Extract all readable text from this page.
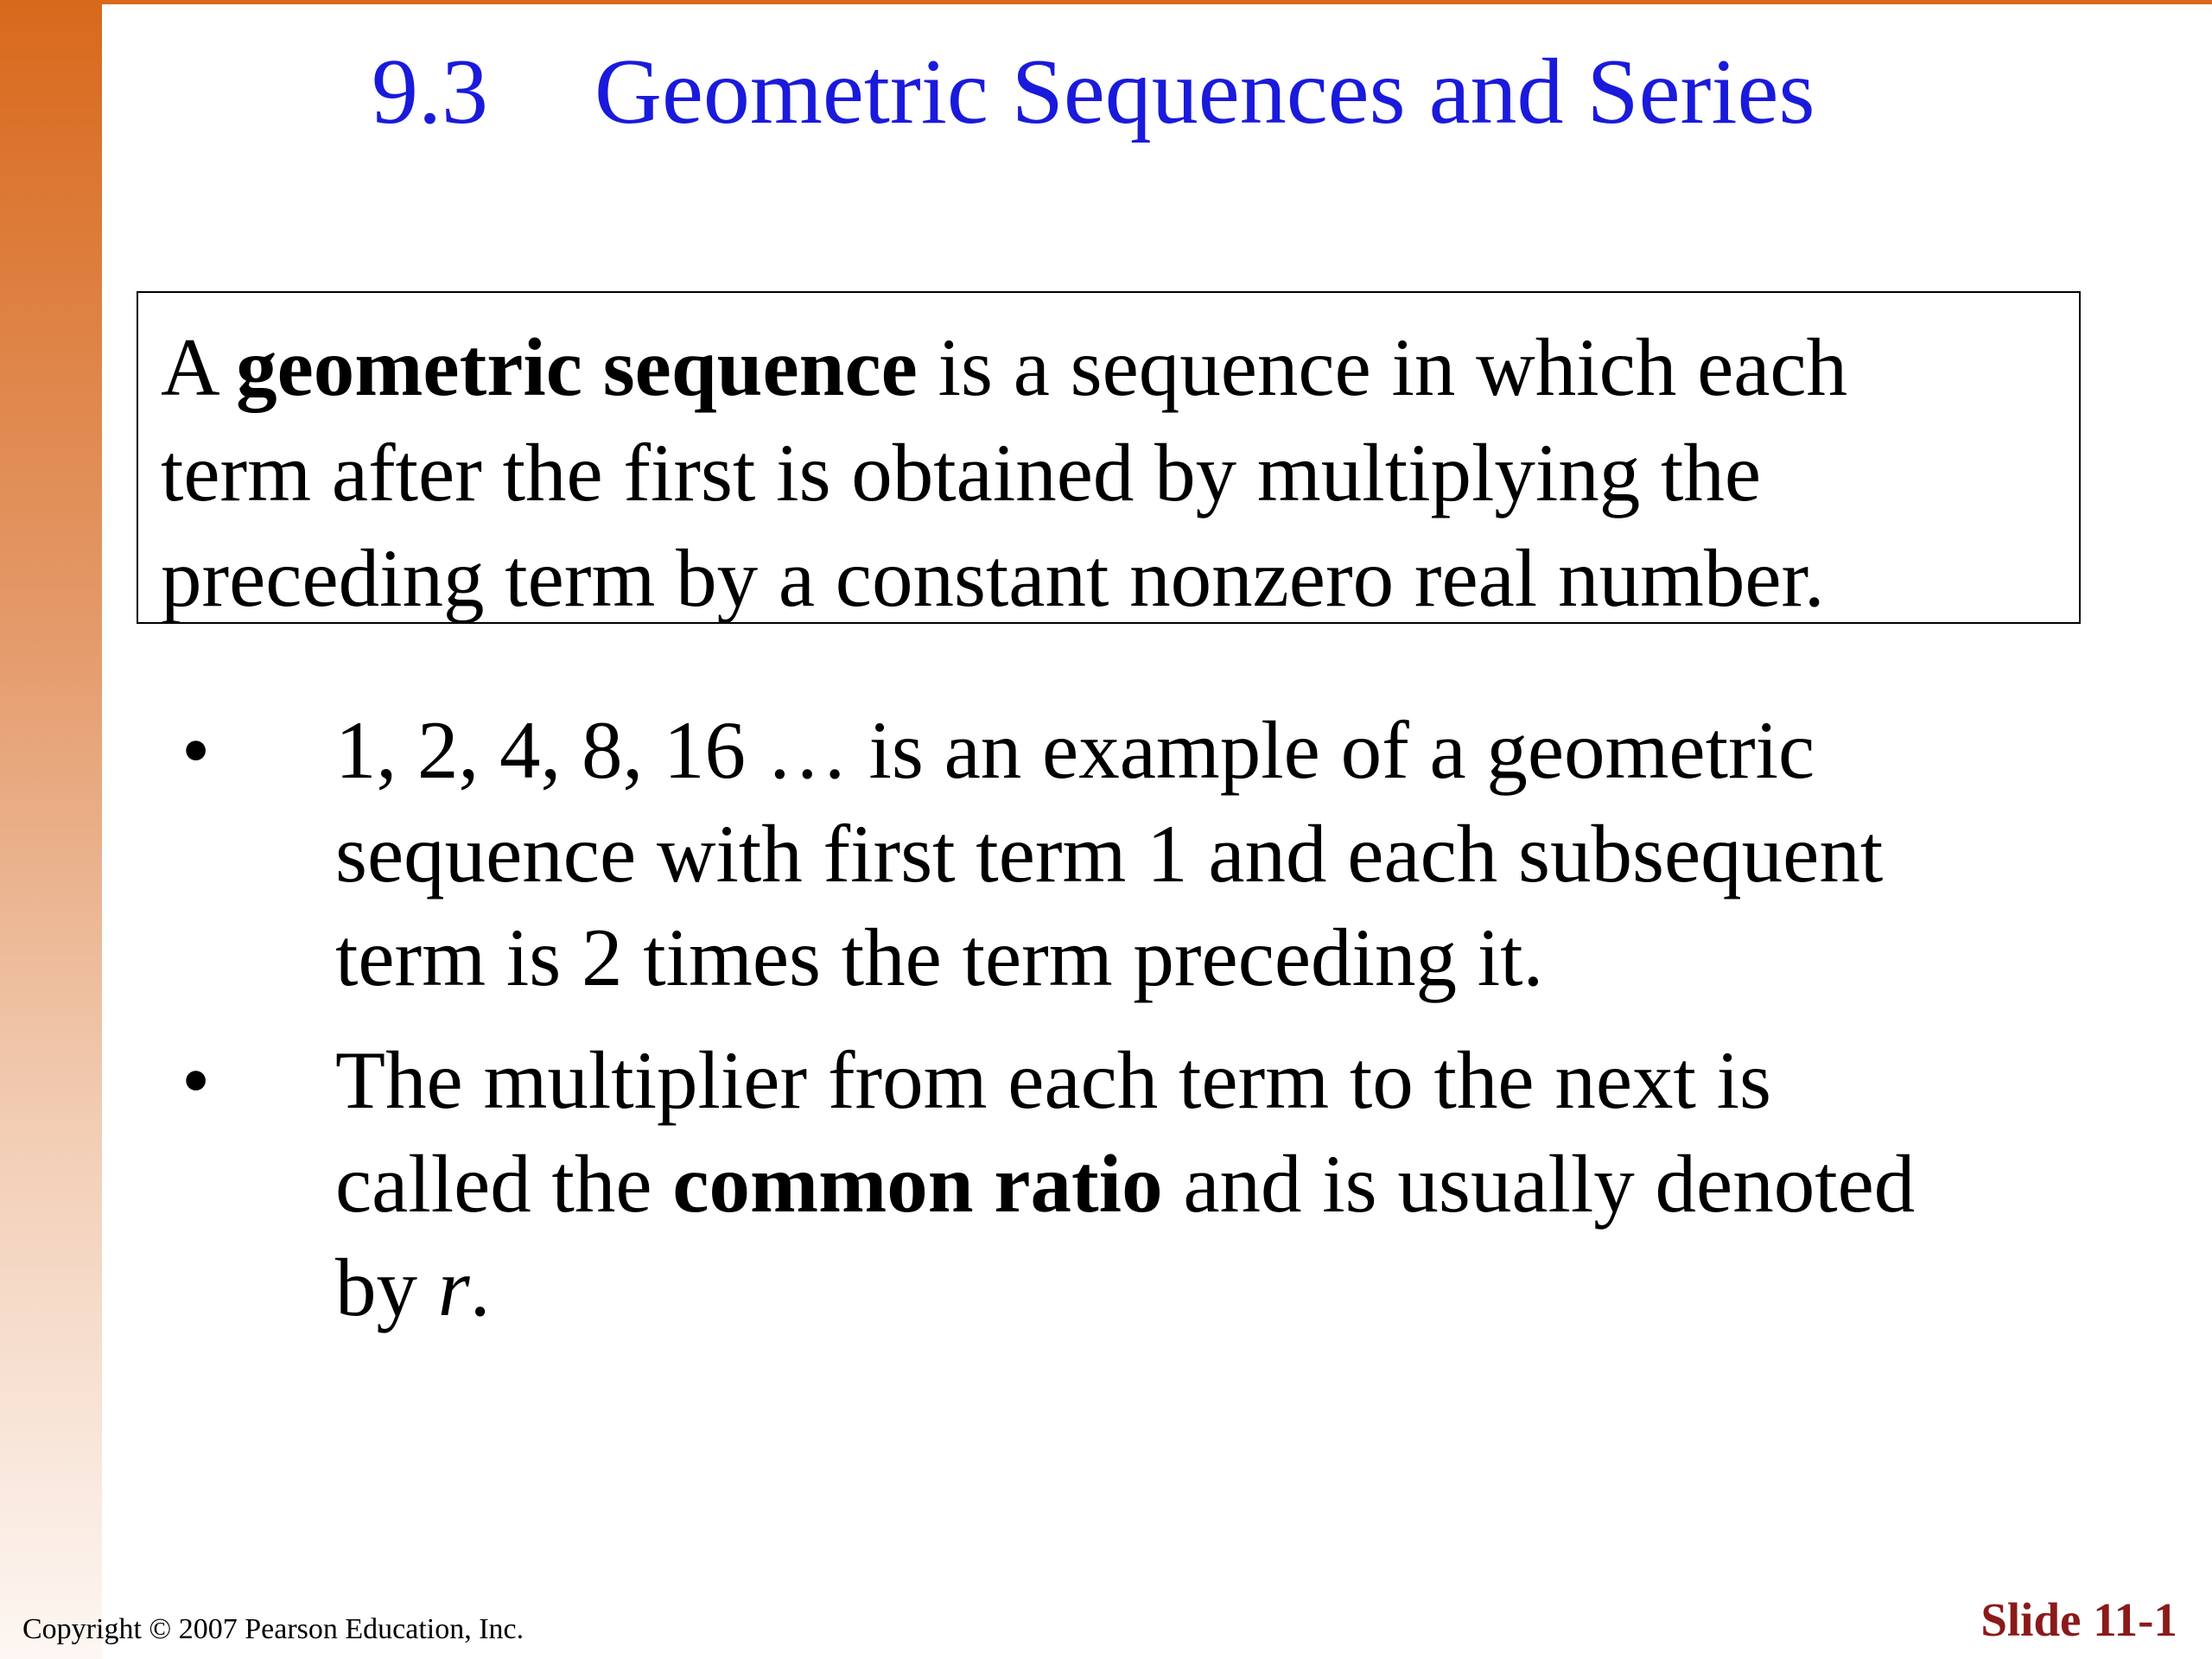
9.3 Geometric Sequences and Series
A geometric sequence is a sequence in which each
term after the first is obtained by multiplying the
preceding term by a constant nonzero real number.
• 1, 2, 4, 8, 16 … is an example of a geometric
sequence with first term 1 and each subsequent
term is 2 times the term preceding it.
• The multiplier from each term to the next is
called the common ratio and is usually denoted
by r.
Copyright © 2007 Pearson Education, Inc.	Slide 11-1
